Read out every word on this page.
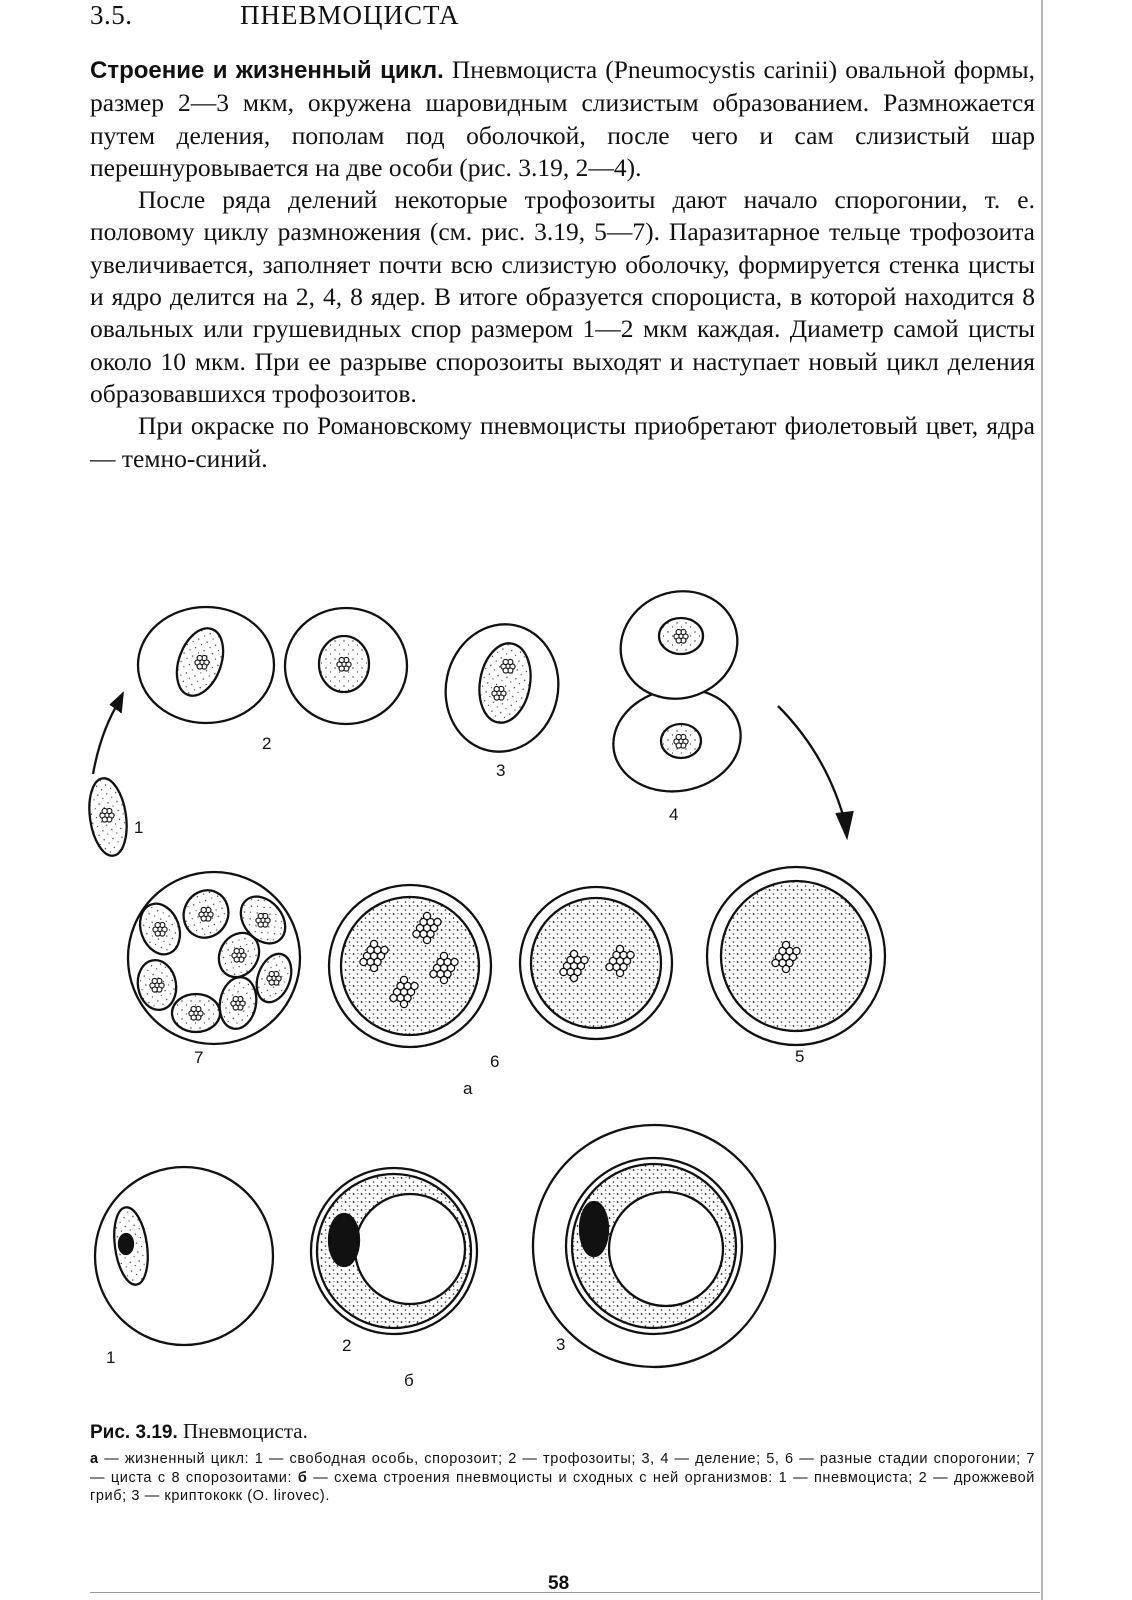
3.5.	ПНЕВМОЦИСТА

Строение и жизненный цикл. Пневмоциста (Pneumocystis carinii) овальной формы, размер 2—3 мкм, окружена шаровидным слизистым образованием. Размножается путем деления, пополам под оболочкой, после чего и сам слизистый шар перешнуровывается на две особи (рис. 3.19, 2—4).

После ряда делений некоторые трофозоиты дают начало спорогонии, т. е. половому циклу размножения (см. рис. 3.19, 5—7). Паразитарное тельце трофозоита увеличивается, заполняет почти всю слизистую оболочку, формируется стенка цисты и ядро делится на 2, 4, 8 ядер. В итоге образуется спороциста, в которой находится 8 овальных или грушевидных спор размером 1—2 мкм каждая. Диаметр самой цисты около 10 мкм. При ее разрыве спорозоиты выходят и наступает новый цикл деления образовавшихся трофозоитов.

При окраске по Романовскому пневмоцисты приобретают фиолетовый цвет, ядра — темно-синий.

1
2
3
4
5
6
7
а
1
2	3
б

Рис. 3.19. Пневмоциста.

а — жизненный цикл: 1 — свободная особь, спорозоит; 2 — трофозоиты; 3, 4 — деление; 5, 6 — разные стадии спорогонии; 7 — циста с 8 спорозоитами: б — схема строения пневмоцисты и сходных с ней организмов: 1 — пневмоциста; 2 — дрожжевой гриб; 3 — криптококк (O. lirovec).

58
